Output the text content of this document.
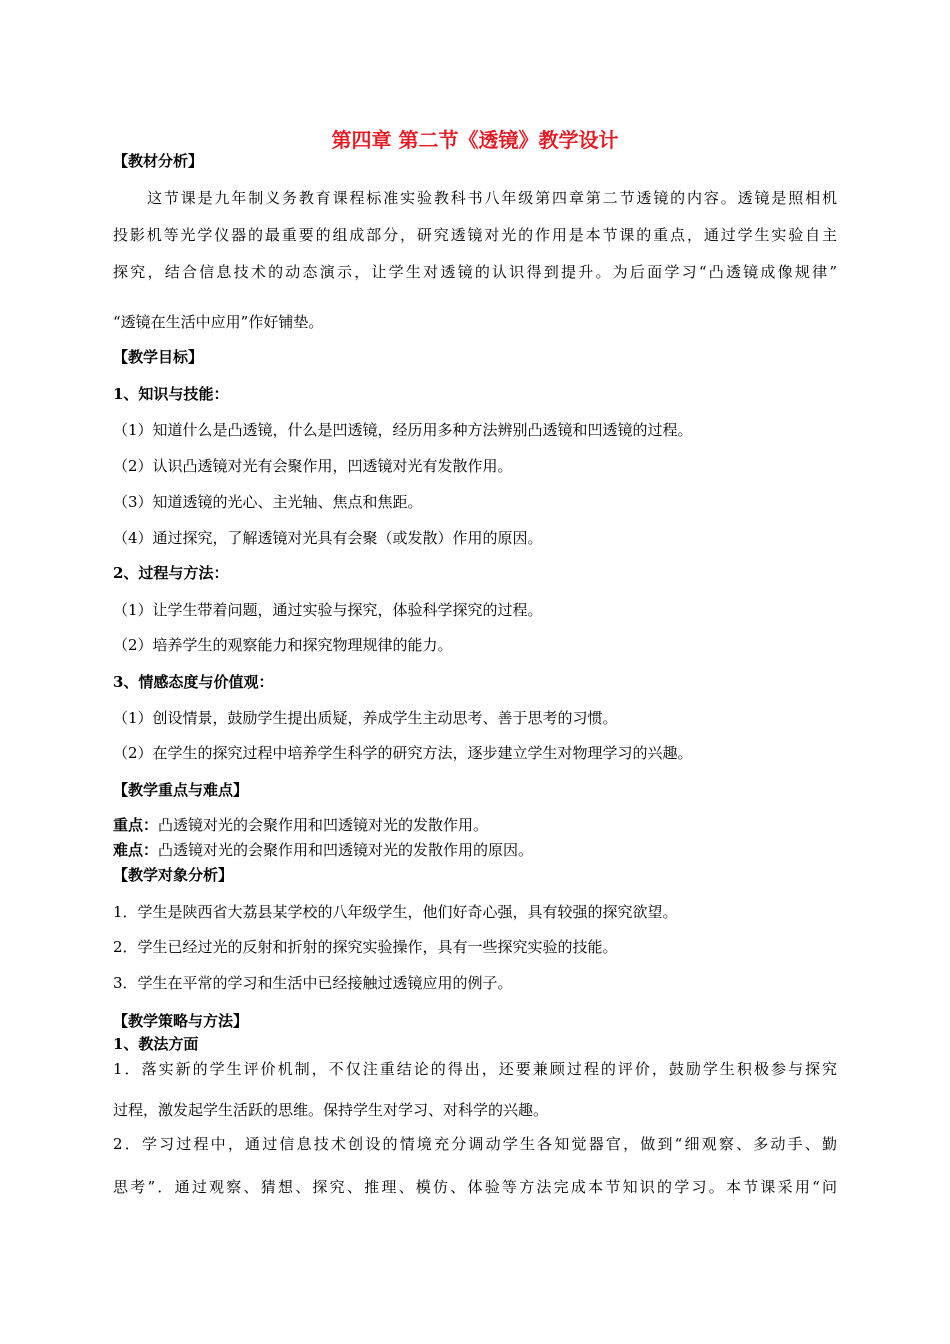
第四章 第二节《透镜》教学设计
【教材分析】
这节课是九年制义务教育课程标准实验教科书八年级第四章第二节透镜的内容。透镜是照相机
投影机等光学仪器的最重要的组成部分，研究透镜对光的作用是本节课的重点，通过学生实验自主
探究，结合信息技术的动态演示，让学生对透镜的认识得到提升。为后面学习“凸透镜成像规律”
“透镜在生活中应用”作好铺垫。
【教学目标】
1、知识与技能：
（1）知道什么是凸透镜，什么是凹透镜，经历用多种方法辨别凸透镜和凹透镜的过程。
（2）认识凸透镜对光有会聚作用，凹透镜对光有发散作用。
（3）知道透镜的光心、主光轴、焦点和焦距。
（4）通过探究，了解透镜对光具有会聚（或发散）作用的原因。
2、过程与方法：
（1）让学生带着问题，通过实验与探究，体验科学探究的过程。
（2）培养学生的观察能力和探究物理规律的能力。
3、情感态度与价值观：
（1）创设情景，鼓励学生提出质疑，养成学生主动思考、善于思考的习惯。
（2）在学生的探究过程中培养学生科学的研究方法，逐步建立学生对物理学习的兴趣。
【教学重点与难点】
重点：凸透镜对光的会聚作用和凹透镜对光的发散作用。
难点：凸透镜对光的会聚作用和凹透镜对光的发散作用的原因。
【教学对象分析】
1．学生是陕西省大荔县某学校的八年级学生，他们好奇心强，具有较强的探究欲望。
2．学生已经过光的反射和折射的探究实验操作，具有一些探究实验的技能。
3．学生在平常的学习和生活中已经接触过透镜应用的例子。
【教学策略与方法】
1、教法方面
1．落实新的学生评价机制，不仅注重结论的得出，还要兼顾过程的评价，鼓励学生积极参与探究
过程，激发起学生活跃的思维。保持学生对学习、对科学的兴趣。
2．学习过程中，通过信息技术创设的情境充分调动学生各知觉器官，做到“细观察、多动手、勤
思考”．通过观察、猜想、探究、推理、模仿、体验等方法完成本节知识的学习。本节课采用“问
